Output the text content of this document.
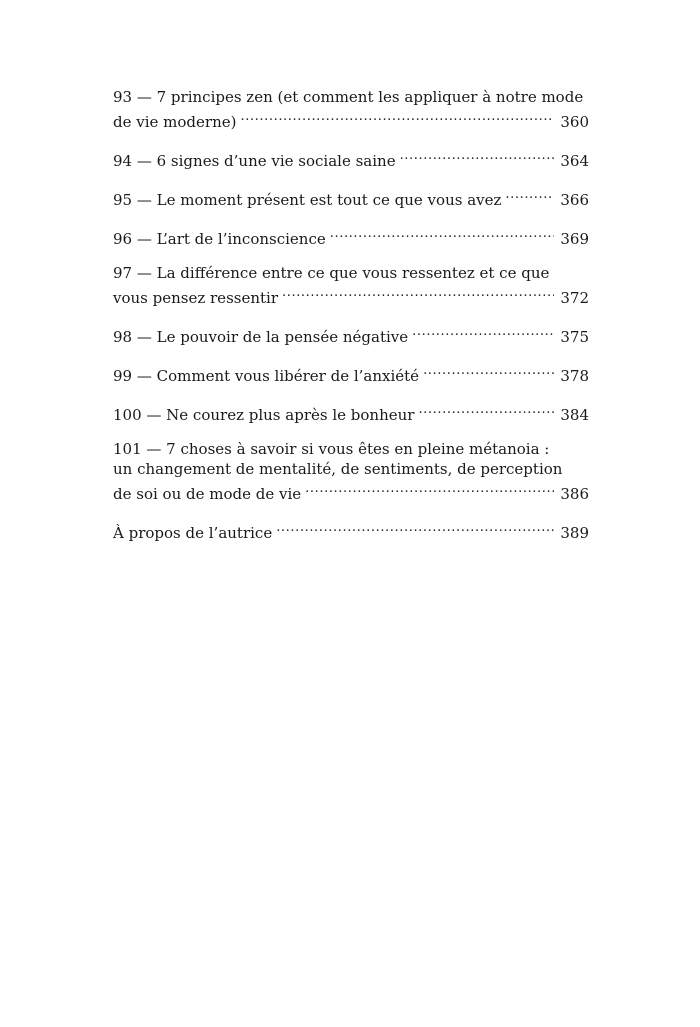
93 — 7 principes zen (et comment les appliquer à notre mode
de vie moderne) .....	360
94 — 6 signes d’une vie sociale saine .....	364
95 — Le moment présent est tout ce que vous avez .....	366
96 — L’art de l’inconscience .....	369
97 — La différence entre ce que vous ressentez et ce que
vous pensez ressentir .....	372
98 — Le pouvoir de la pensée négative .....	375
99 — Comment vous libérer de l’anxiété .....	378
100 — Ne courez plus après le bonheur .....	384
101 — 7 choses à savoir si vous êtes en pleine métanoia :
un changement de mentalité, de sentiments, de perception
de soi ou de mode de vie .....	386
À propos de l’autrice .....	389
